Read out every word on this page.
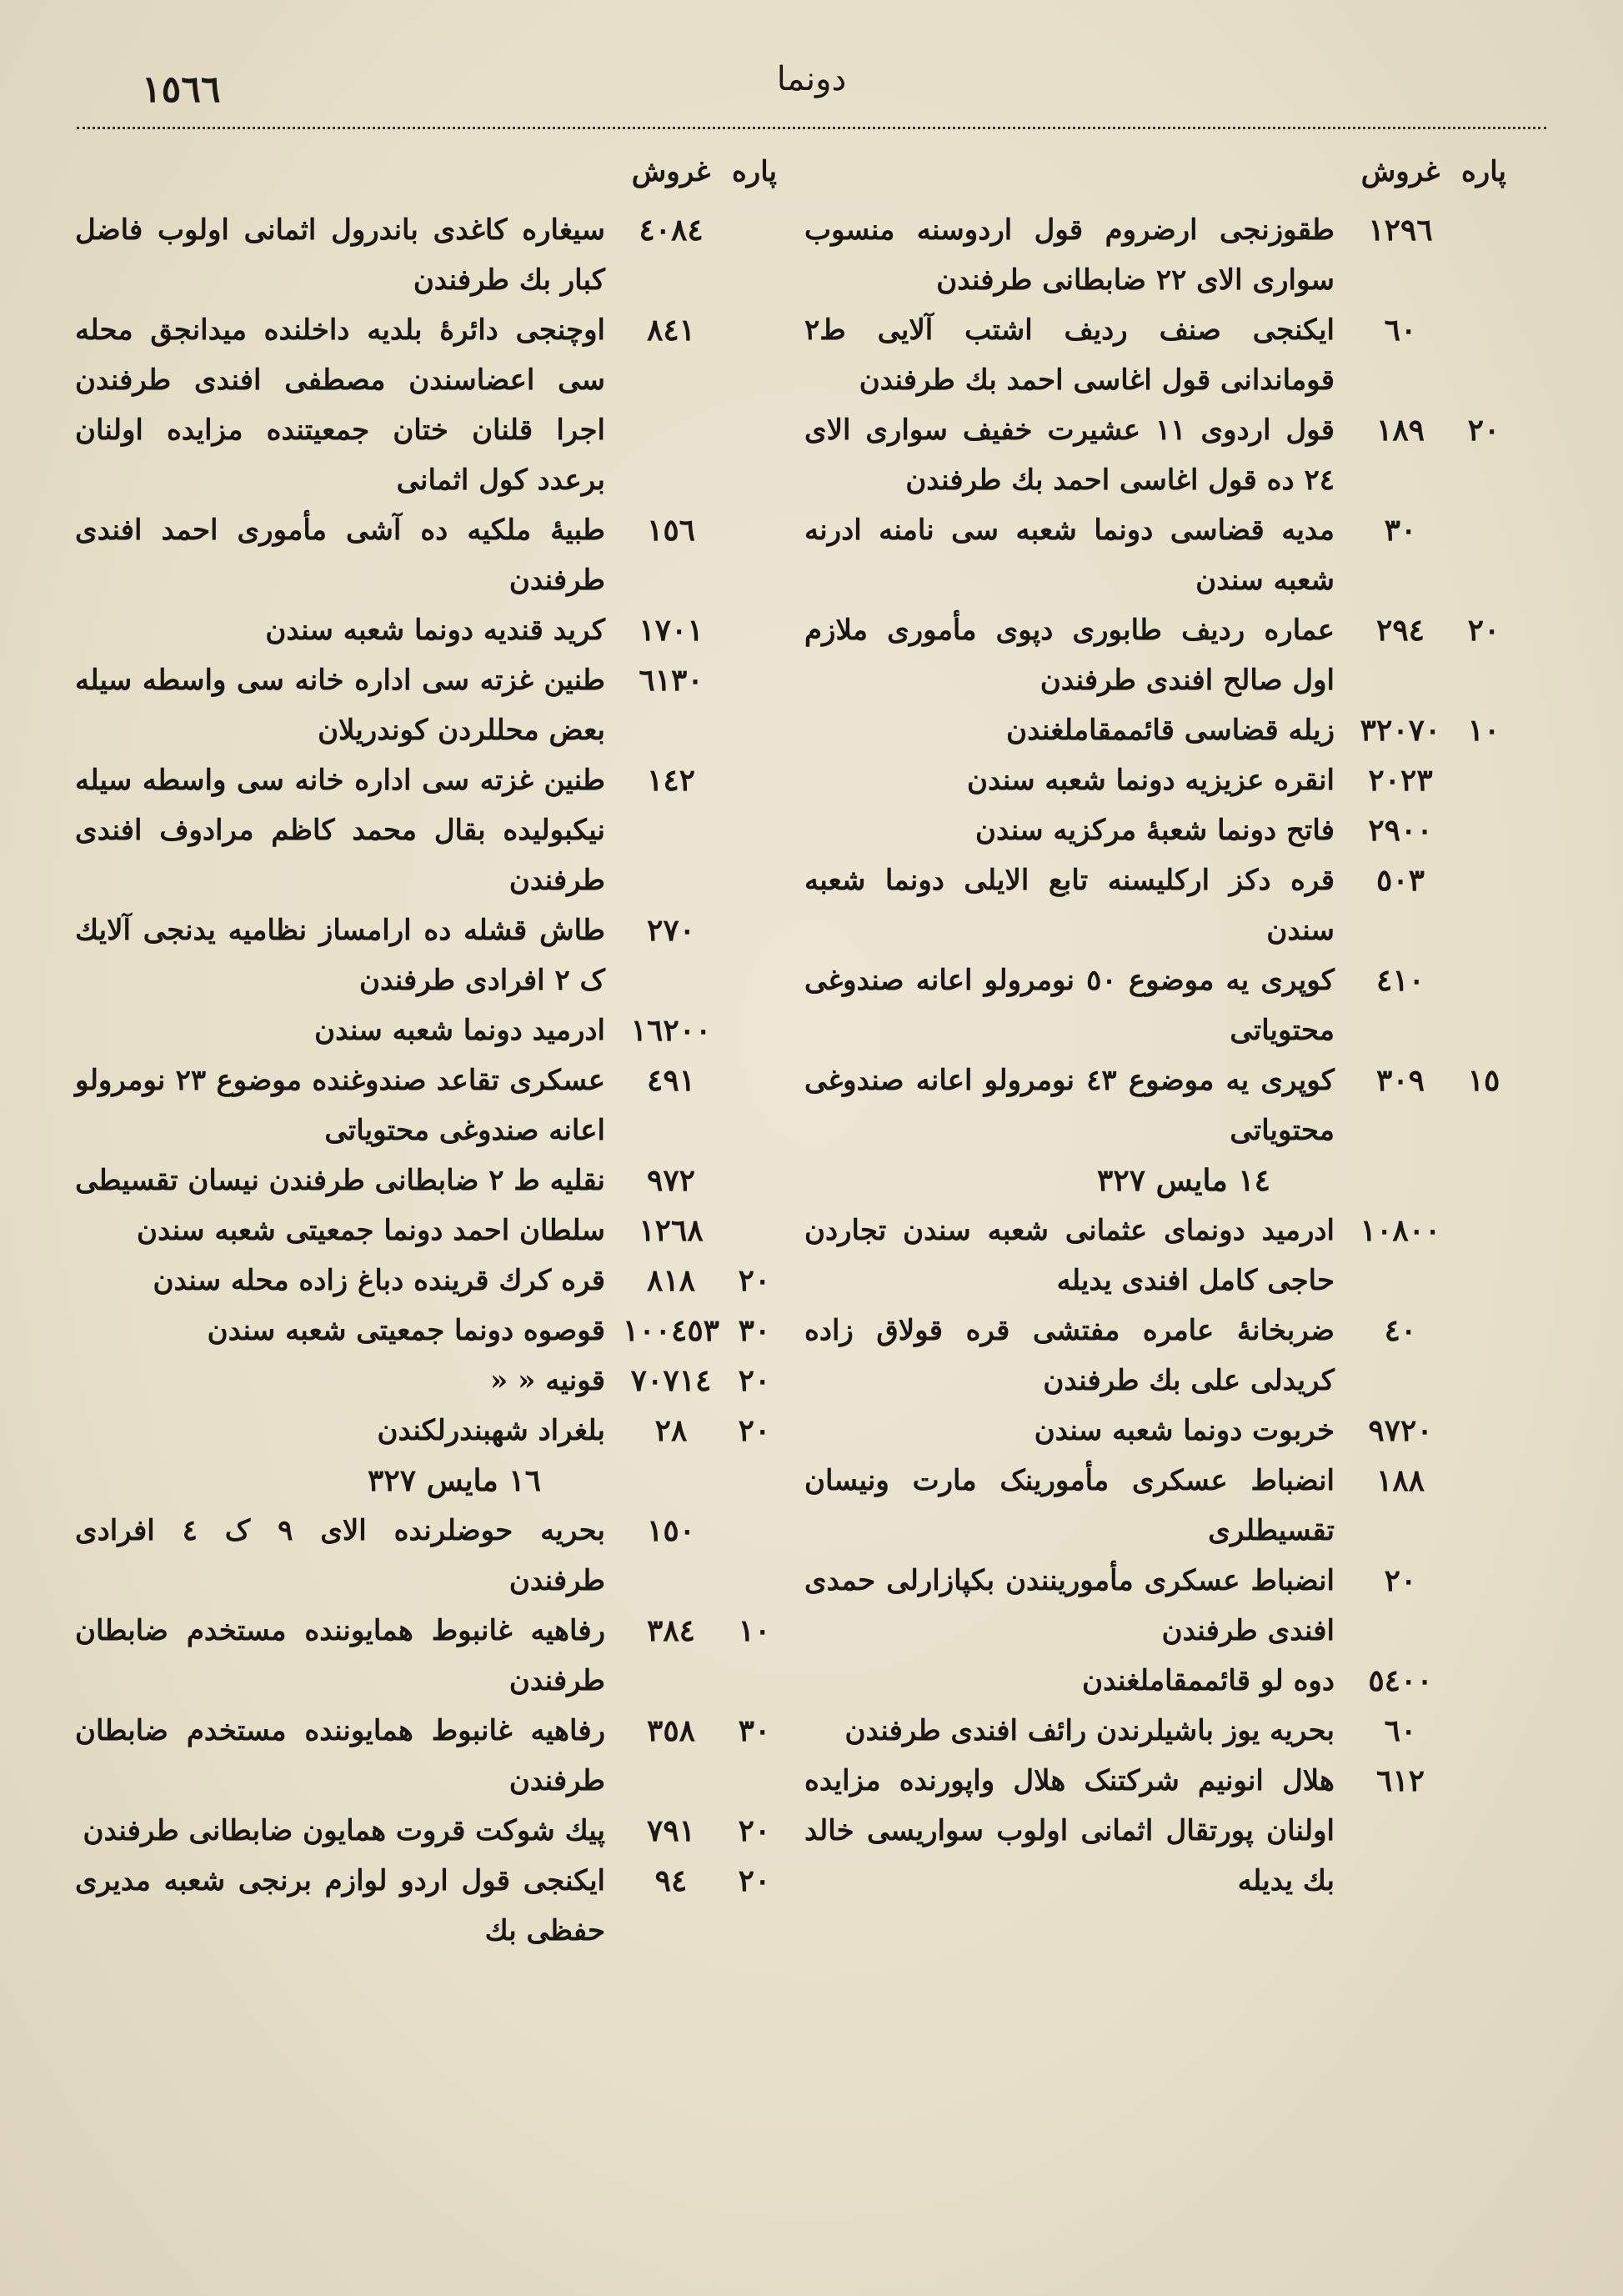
١٥٦٦	دونما
پاره
غروش
١٢٩٦
طقوزنجی ارضروم قول اردوسنه منسوب سواری الای ٢٢ ضابطانی طرفندن
٦٠
ایکنجی صنف ردیف اشتب آلایی ط٢ قوماندانی قول اغاسی احمد بك طرفندن
٢٠
١٨٩
قول اردوی ١١ عشیرت خفیف سواری الای ٢٤ ده قول اغاسی احمد بك طرفندن
٣٠
مدیه قضاسی دونما شعبه سی نامنه ادرنه شعبه سندن
٢٠
٢٩٤
عماره ردیف طابوری دپوی مأموری ملازم اول صالح افندی طرفندن
١٠
٣٢٠٧٠
زیله قضاسی قائممقاملغندن
٢٠٢٣
انقره عزیزیه دونما شعبه سندن
٢٩٠٠
فاتح دونما شعبهٔ مرکزیه سندن
٥٠٣
قره دکز ارکلیسنه تابع الایلی دونما شعبه سندن
٤١٠
کوپری یه موضوع ٥٠ نومرولو اعانه صندوغی محتویاتی
١٥
٣٠٩
کوپری یه موضوع ٤٣ نومرولو اعانه صندوغی محتویاتی
١٤ مایس ٣٢٧
١٠٨٠٠
ادرمید دونمای عثمانی شعبه سندن تجاردن حاجی کامل افندی یدیله
٤٠
ضربخانهٔ عامره مفتشی قره قولاق زاده کریدلی علی بك طرفندن
٩٧٢٠
خربوت دونما شعبه سندن
١٨٨
انضباط عسکری مأمورینک مارت ونیسان تقسیطلری
٢٠
انضباط عسکری مأمورینندن بکپازارلی حمدی افندی طرفندن
٥٤٠٠
دوه لو قائممقاملغندن
٦٠
بحریه یوز باشیلرندن رائف افندی طرفندن
٦١٢
هلال انونیم شرکتنک هلال واپورنده مزایده اولنان پورتقال اثمانی اولوب سواریسی خالد بك یدیله
پاره
غروش
٤٠٨٤
سیغاره کاغدی باندرول اثمانی اولوب فاضل کبار بك طرفندن
٨٤١
اوچنجی دائرهٔ بلدیه داخلنده میدانجق محله سی اعضاسندن مصطفی افندی طرفندن اجرا قلنان ختان جمعیتنده مزایده اولنان برعدد کول اثمانی
١٥٦
طبیهٔ ملکیه ده آشی مأموری احمد افندی طرفندن
١٧٠١
کرید قندیه دونما شعبه سندن
٦١٣٠
طنین غزته سی اداره خانه سی واسطه سیله بعض محللردن کوندریلان
١٤٢
طنین غزته سی اداره خانه سی واسطه سیله نیکبولیده بقال محمد کاظم مرادوف افندی طرفندن
٢٧٠
طاش قشله ده ارامساز نظامیه یدنجی آلایك ک ٢ افرادی طرفندن
١٦٢٠٠
ادرمید دونما شعبه سندن
٤٩١
عسکری تقاعد صندوغنده موضوع ٢٣ نومرولو اعانه صندوغی محتویاتی
٩٧٢
نقلیه ط ٢ ضابطانی طرفندن نیسان تقسیطی
١٢٦٨
سلطان احمد دونما جمعیتی شعبه سندن
٢٠
٨١٨
قره کرك قرینده دباغ زاده محله سندن
٣٠
١٠٠٤٥٣
قوصوه دونما جمعیتی شعبه سندن
٢٠
٧٠٧١٤
قونیه « «
٢٠
٢٨
بلغراد شهبندرلکندن
١٦ مایس ٣٢٧
١٥٠
بحریه حوضلرنده الای ٩ ک ٤ افرادی طرفندن
١٠
٣٨٤
رفاهیه غانبوط همایوننده مستخدم ضابطان طرفندن
٣٠
٣٥٨
رفاهیه غانبوط همایوننده مستخدم ضابطان طرفندن
٢٠
٧٩١
پیك شوکت قروت همایون ضابطانی طرفندن
٢٠
٩٤
ایکنجی قول اردو لوازم برنجی شعبه مدیری حفظی بك
